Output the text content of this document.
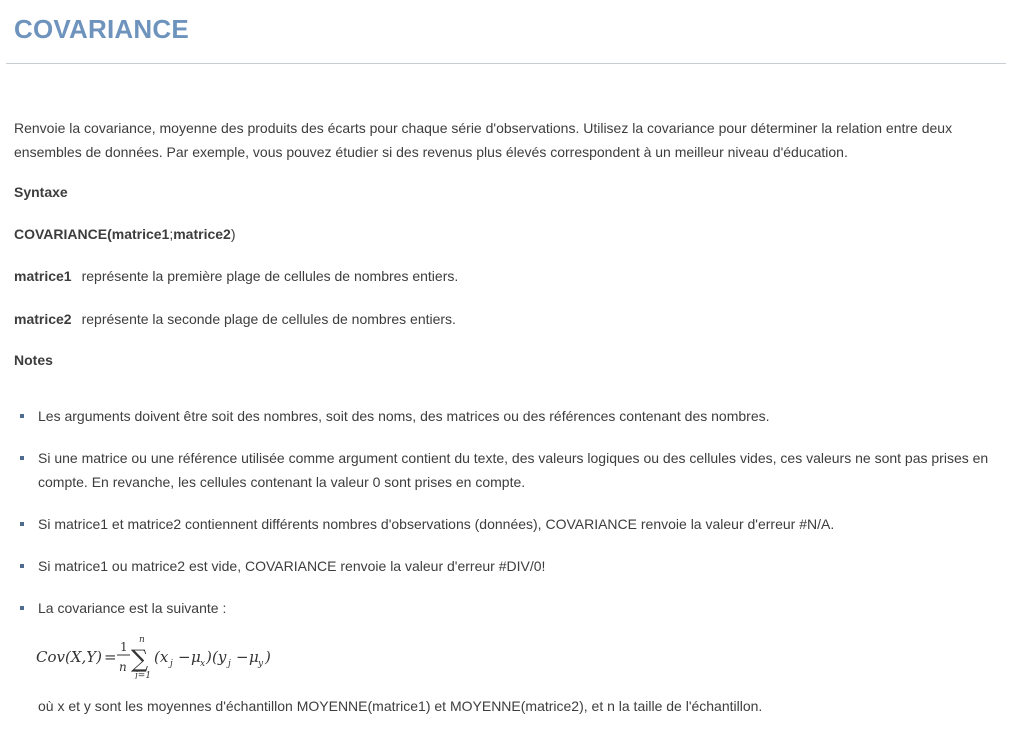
COVARIANCE

Renvoie la covariance, moyenne des produits des écarts pour chaque série d'observations. Utilisez la covariance pour déterminer la relation entre deux ensembles de données. Par exemple, vous pouvez étudier si des revenus plus élevés correspondent à un meilleur niveau d'éducation.

Syntaxe

COVARIANCE(matrice1;matrice2)

matrice1 représente la première plage de cellules de nombres entiers.

matrice2 représente la seconde plage de cellules de nombres entiers.

Notes

Les arguments doivent être soit des nombres, soit des noms, des matrices ou des références contenant des nombres.
Si une matrice ou une référence utilisée comme argument contient du texte, des valeurs logiques ou des cellules vides, ces valeurs ne sont pas prises en compte. En revanche, les cellules contenant la valeur 0 sont prises en compte.
Si matrice1 et matrice2 contiennent différents nombres d'observations (données), COVARIANCE renvoie la valeur d'erreur #N/A.
Si matrice1 ou matrice2 est vide, COVARIANCE renvoie la valeur d'erreur #DIV/0!
La covariance est la suivante :
Cov(X,Y) =
1
n
n
∑
j=1
(x j − μ x ) (y j − μ y )

où x et y sont les moyennes d'échantillon MOYENNE(matrice1) et MOYENNE(matrice2), et n la taille de l'échantillon.
